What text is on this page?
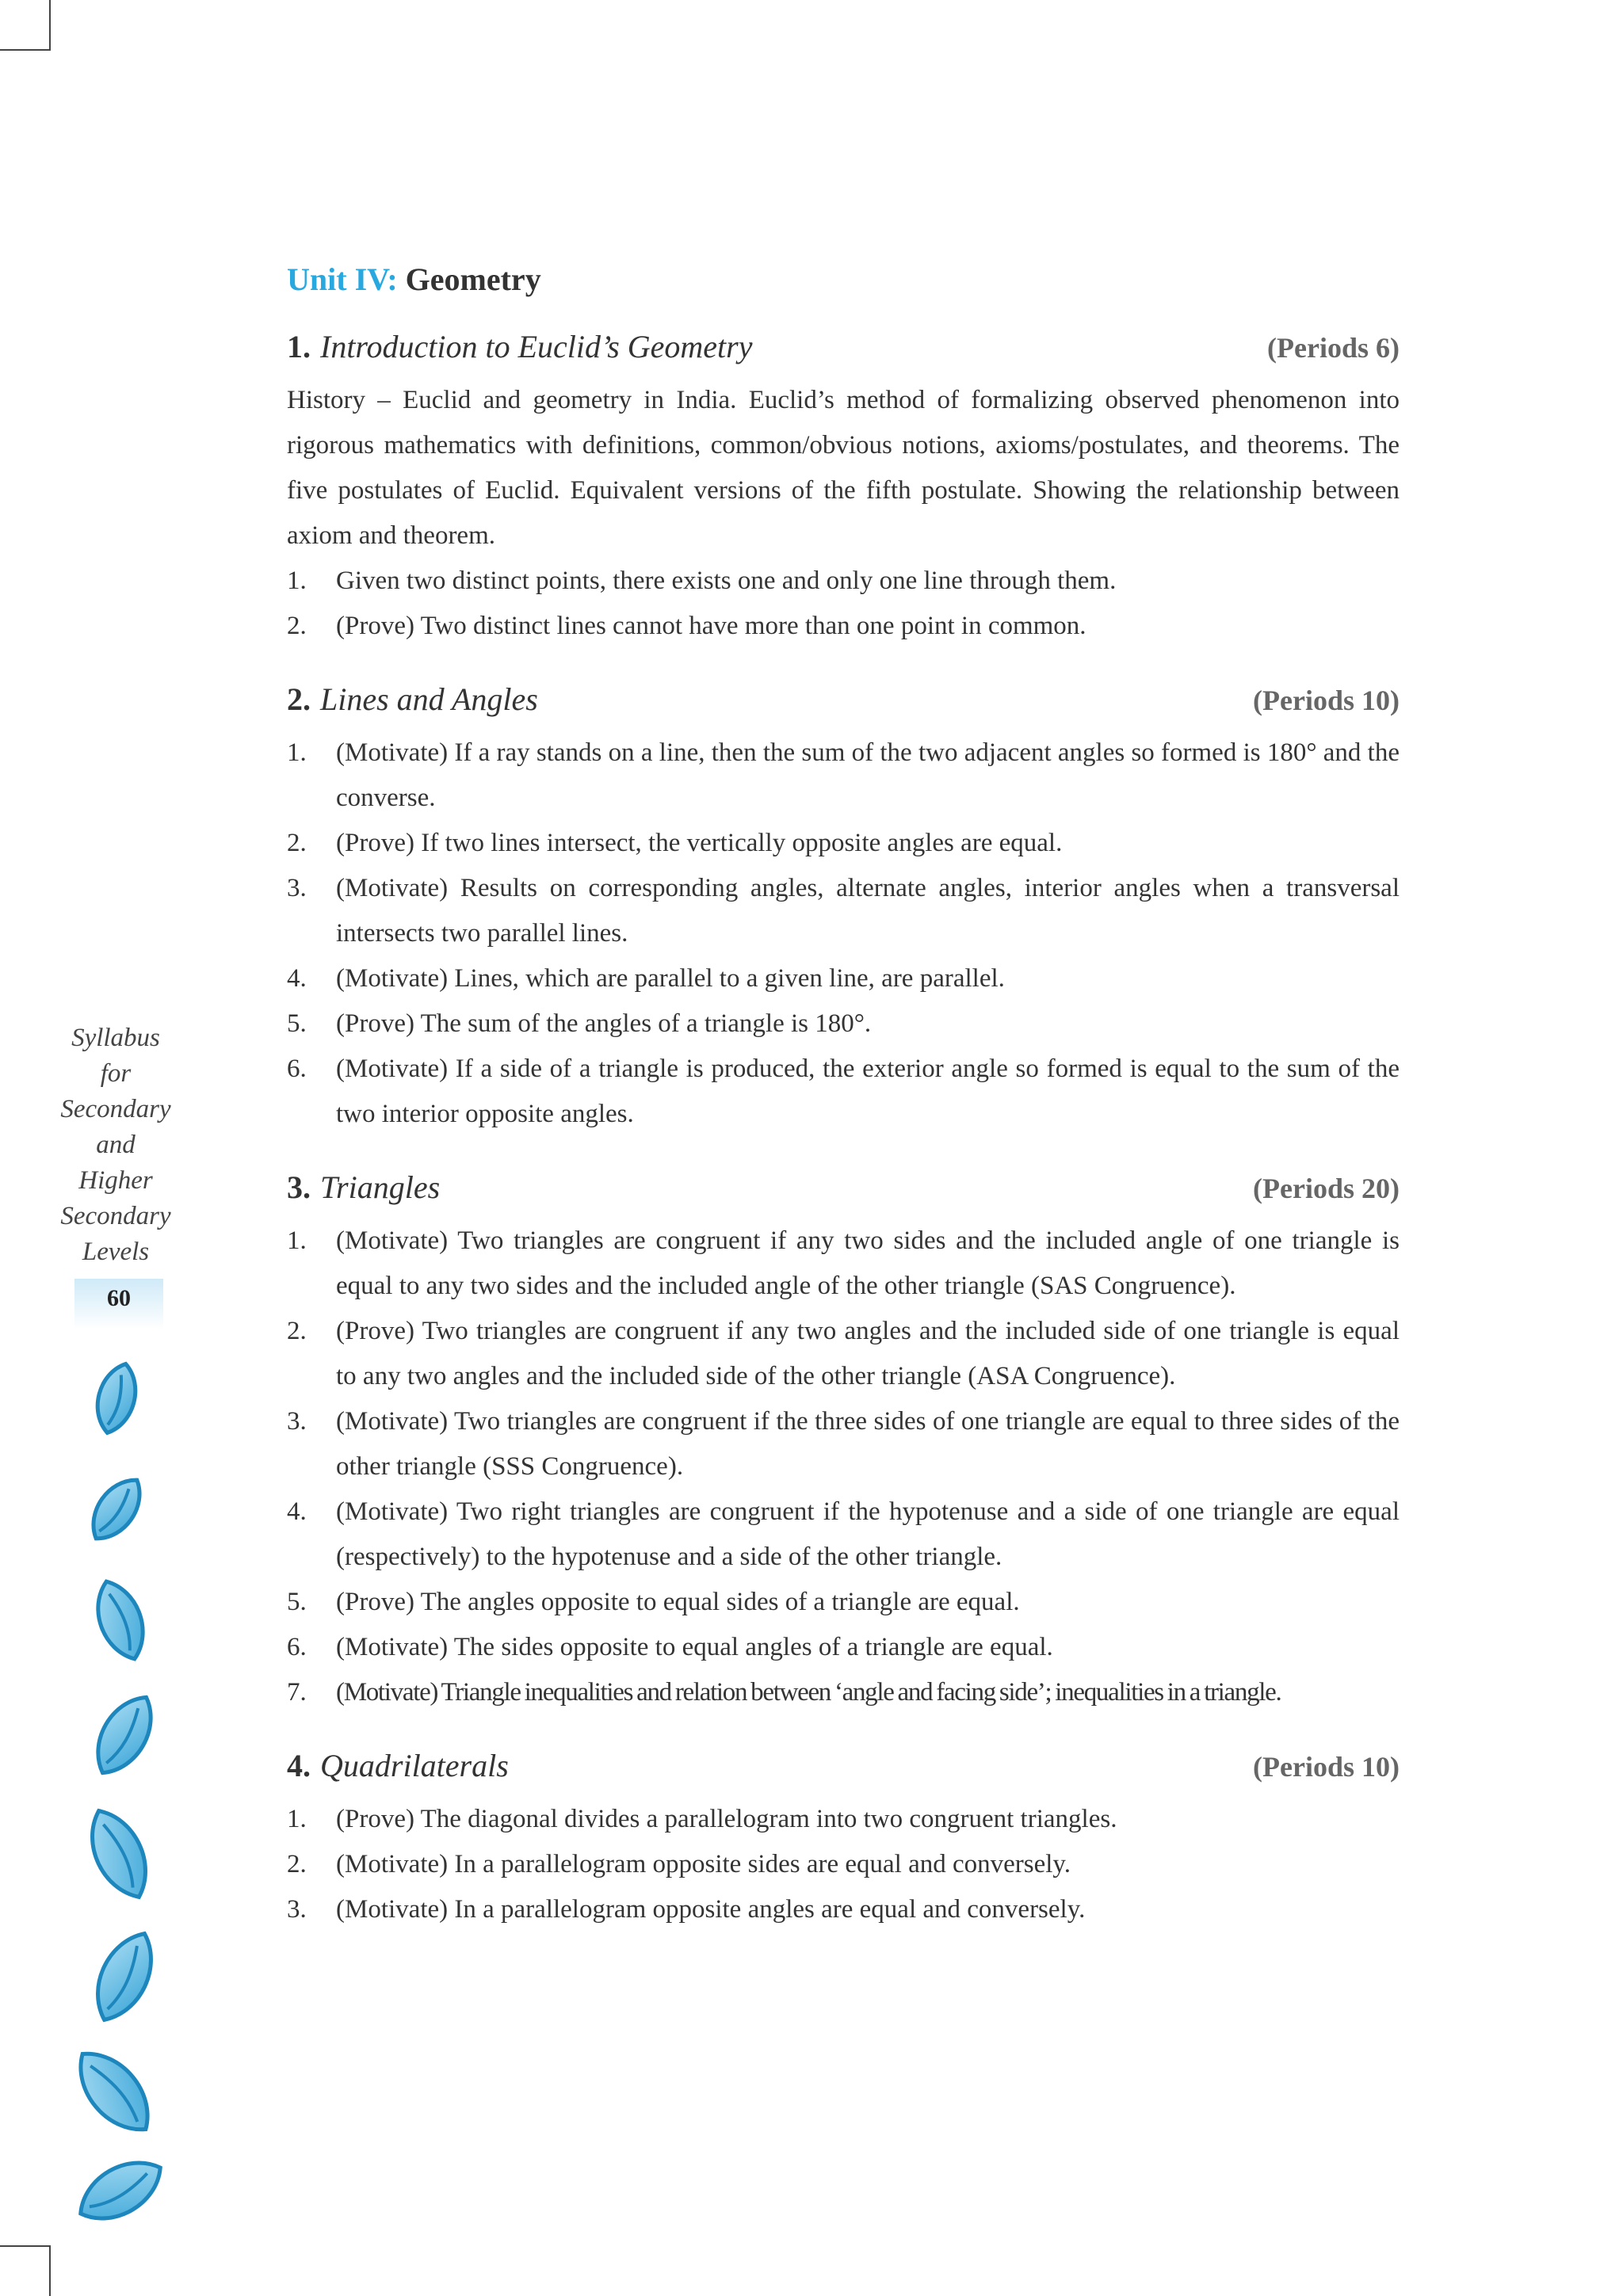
Syllabus
for
Secondary
and
Higher
Secondary
Levels
60
Unit IV: Geometry
1. Introduction to Euclid’s Geometry	(Periods 6)

History – Euclid and geometry in India. Euclid’s method of formalizing observed phenomenon into rigorous mathematics with definitions, common/obvious notions, axioms/postulates, and theorems. The five postulates of Euclid. Equivalent versions of the fifth postulate. Showing the relationship between axiom and theorem.

1.	Given two distinct points, there exists one and only one line through them.
2.	(Prove) Two distinct lines cannot have more than one point in common.
2. Lines and Angles	(Periods 10)
1.	(Motivate) If a ray stands on a line, then the sum of the two adjacent angles so formed is 180° and the converse.
2.	(Prove) If two lines intersect, the vertically opposite angles are equal.
3.	(Motivate) Results on corresponding angles, alternate angles, interior angles when a transversal intersects two parallel lines.
4.	(Motivate) Lines, which are parallel to a given line, are parallel.
5.	(Prove) The sum of the angles of a triangle is 180°.
6.	(Motivate) If a side of a triangle is produced, the exterior angle so formed is equal to the sum of the two interior opposite angles.
3. Triangles	(Periods 20)
1.	(Motivate) Two triangles are congruent if any two sides and the included angle of one triangle is equal to any two sides and the included angle of the other triangle (SAS Congruence).
2.	(Prove) Two triangles are congruent if any two angles and the included side of one triangle is equal to any two angles and the included side of the other triangle (ASA Congruence).
3.	(Motivate) Two triangles are congruent if the three sides of one triangle are equal to three sides of the other triangle (SSS Congruence).
4.	(Motivate) Two right triangles are congruent if the hypotenuse and a side of one triangle are equal (respectively) to the hypotenuse and a side of the other triangle.
5.	(Prove) The angles opposite to equal sides of a triangle are equal.
6.	(Motivate) The sides opposite to equal angles of a triangle are equal.
7.	(Motivate) Triangle inequalities and relation between ‘angle and facing side’; inequalities in a triangle.
4. Quadrilaterals	(Periods 10)
1.	(Prove) The diagonal divides a parallelogram into two congruent triangles.
2.	(Motivate) In a parallelogram opposite sides are equal and conversely.
3.	(Motivate) In a parallelogram opposite angles are equal and conversely.
